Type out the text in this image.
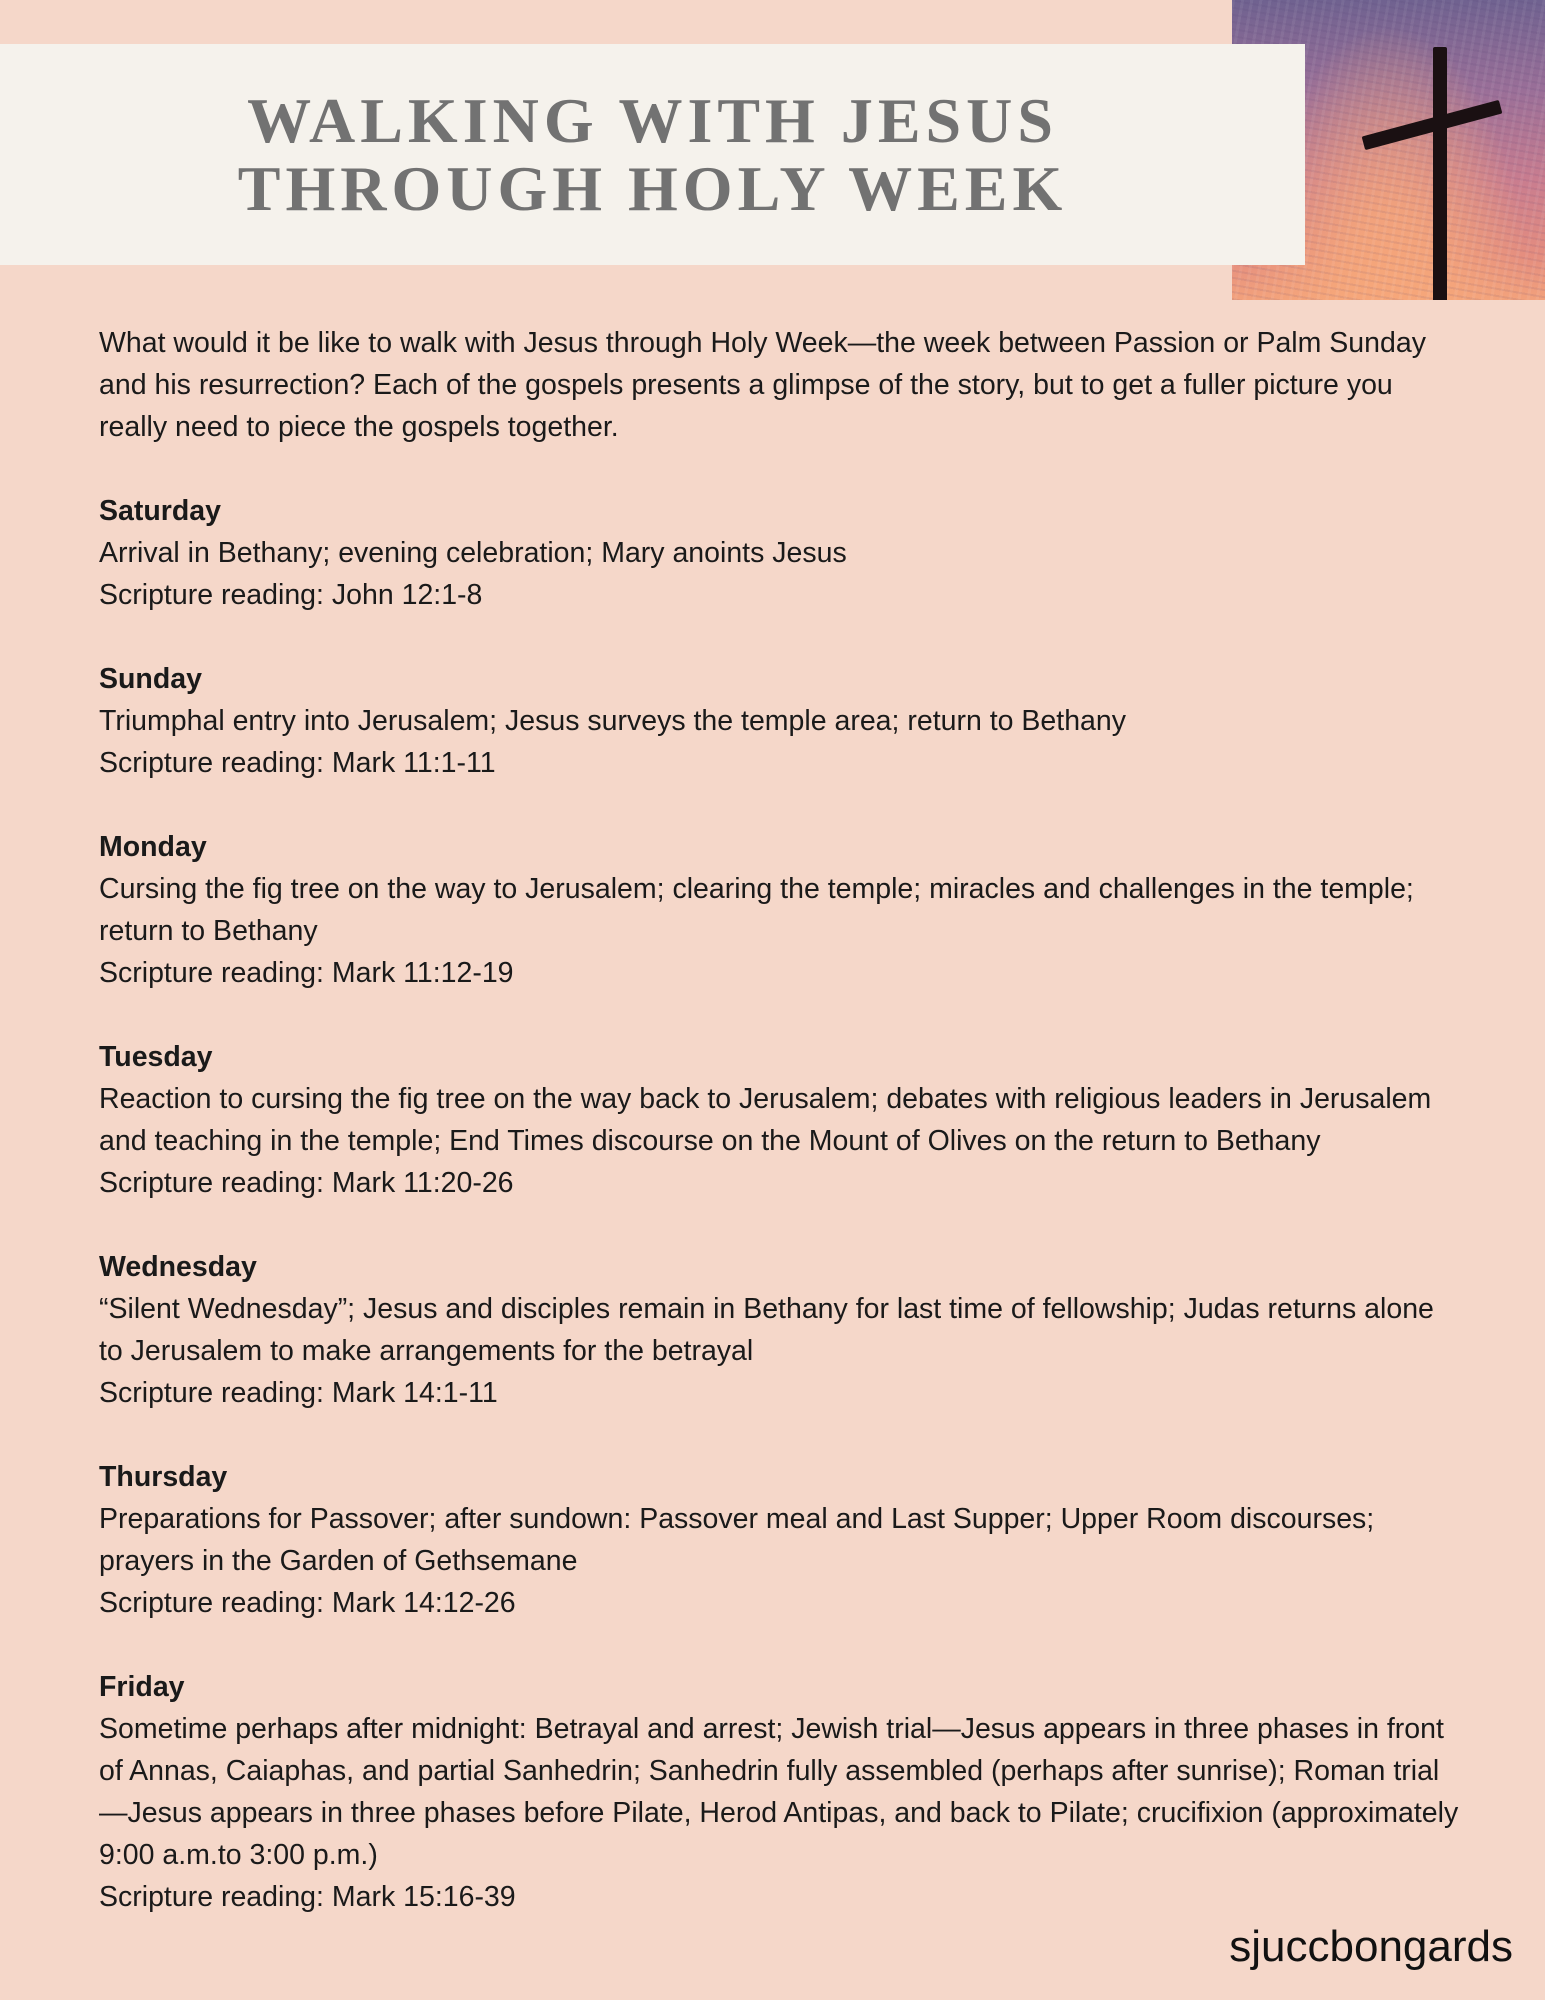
WALKING WITH JESUS
THROUGH HOLY WEEK

What would it be like to walk with Jesus through Holy Week—the week between Passion or Palm Sunday and his resurrection? Each of the gospels presents a glimpse of the story, but to get a fuller picture you really need to piece the gospels together.

Saturday
Arrival in Bethany; evening celebration; Mary anoints Jesus
Scripture reading: John 12:1-8
Sunday
Triumphal entry into Jerusalem; Jesus surveys the temple area; return to Bethany
Scripture reading: Mark 11:1-11
Monday
Cursing the fig tree on the way to Jerusalem; clearing the temple; miracles and challenges in the temple; return to Bethany
Scripture reading: Mark 11:12-19
Tuesday
Reaction to cursing the fig tree on the way back to Jerusalem; debates with religious leaders in Jerusalem and teaching in the temple; End Times discourse on the Mount of Olives on the return to Bethany
Scripture reading: Mark 11:20-26
Wednesday
“Silent Wednesday”; Jesus and disciples remain in Bethany for last time of fellowship; Judas returns alone to Jerusalem to make arrangements for the betrayal
Scripture reading: Mark 14:1-11
Thursday
Preparations for Passover; after sundown: Passover meal and Last Supper; Upper Room discourses; prayers in the Garden of Gethsemane
Scripture reading: Mark 14:12-26
Friday
Sometime perhaps after midnight: Betrayal and arrest; Jewish trial—Jesus appears in three phases in front of Annas, Caiaphas, and partial Sanhedrin; Sanhedrin fully assembled (perhaps after sunrise); Roman trial—Jesus appears in three phases before Pilate, Herod Antipas, and back to Pilate; crucifixion (approximately 9:00 a.m.to 3:00 p.m.)
Scripture reading: Mark 15:16-39
sjuccbongards
